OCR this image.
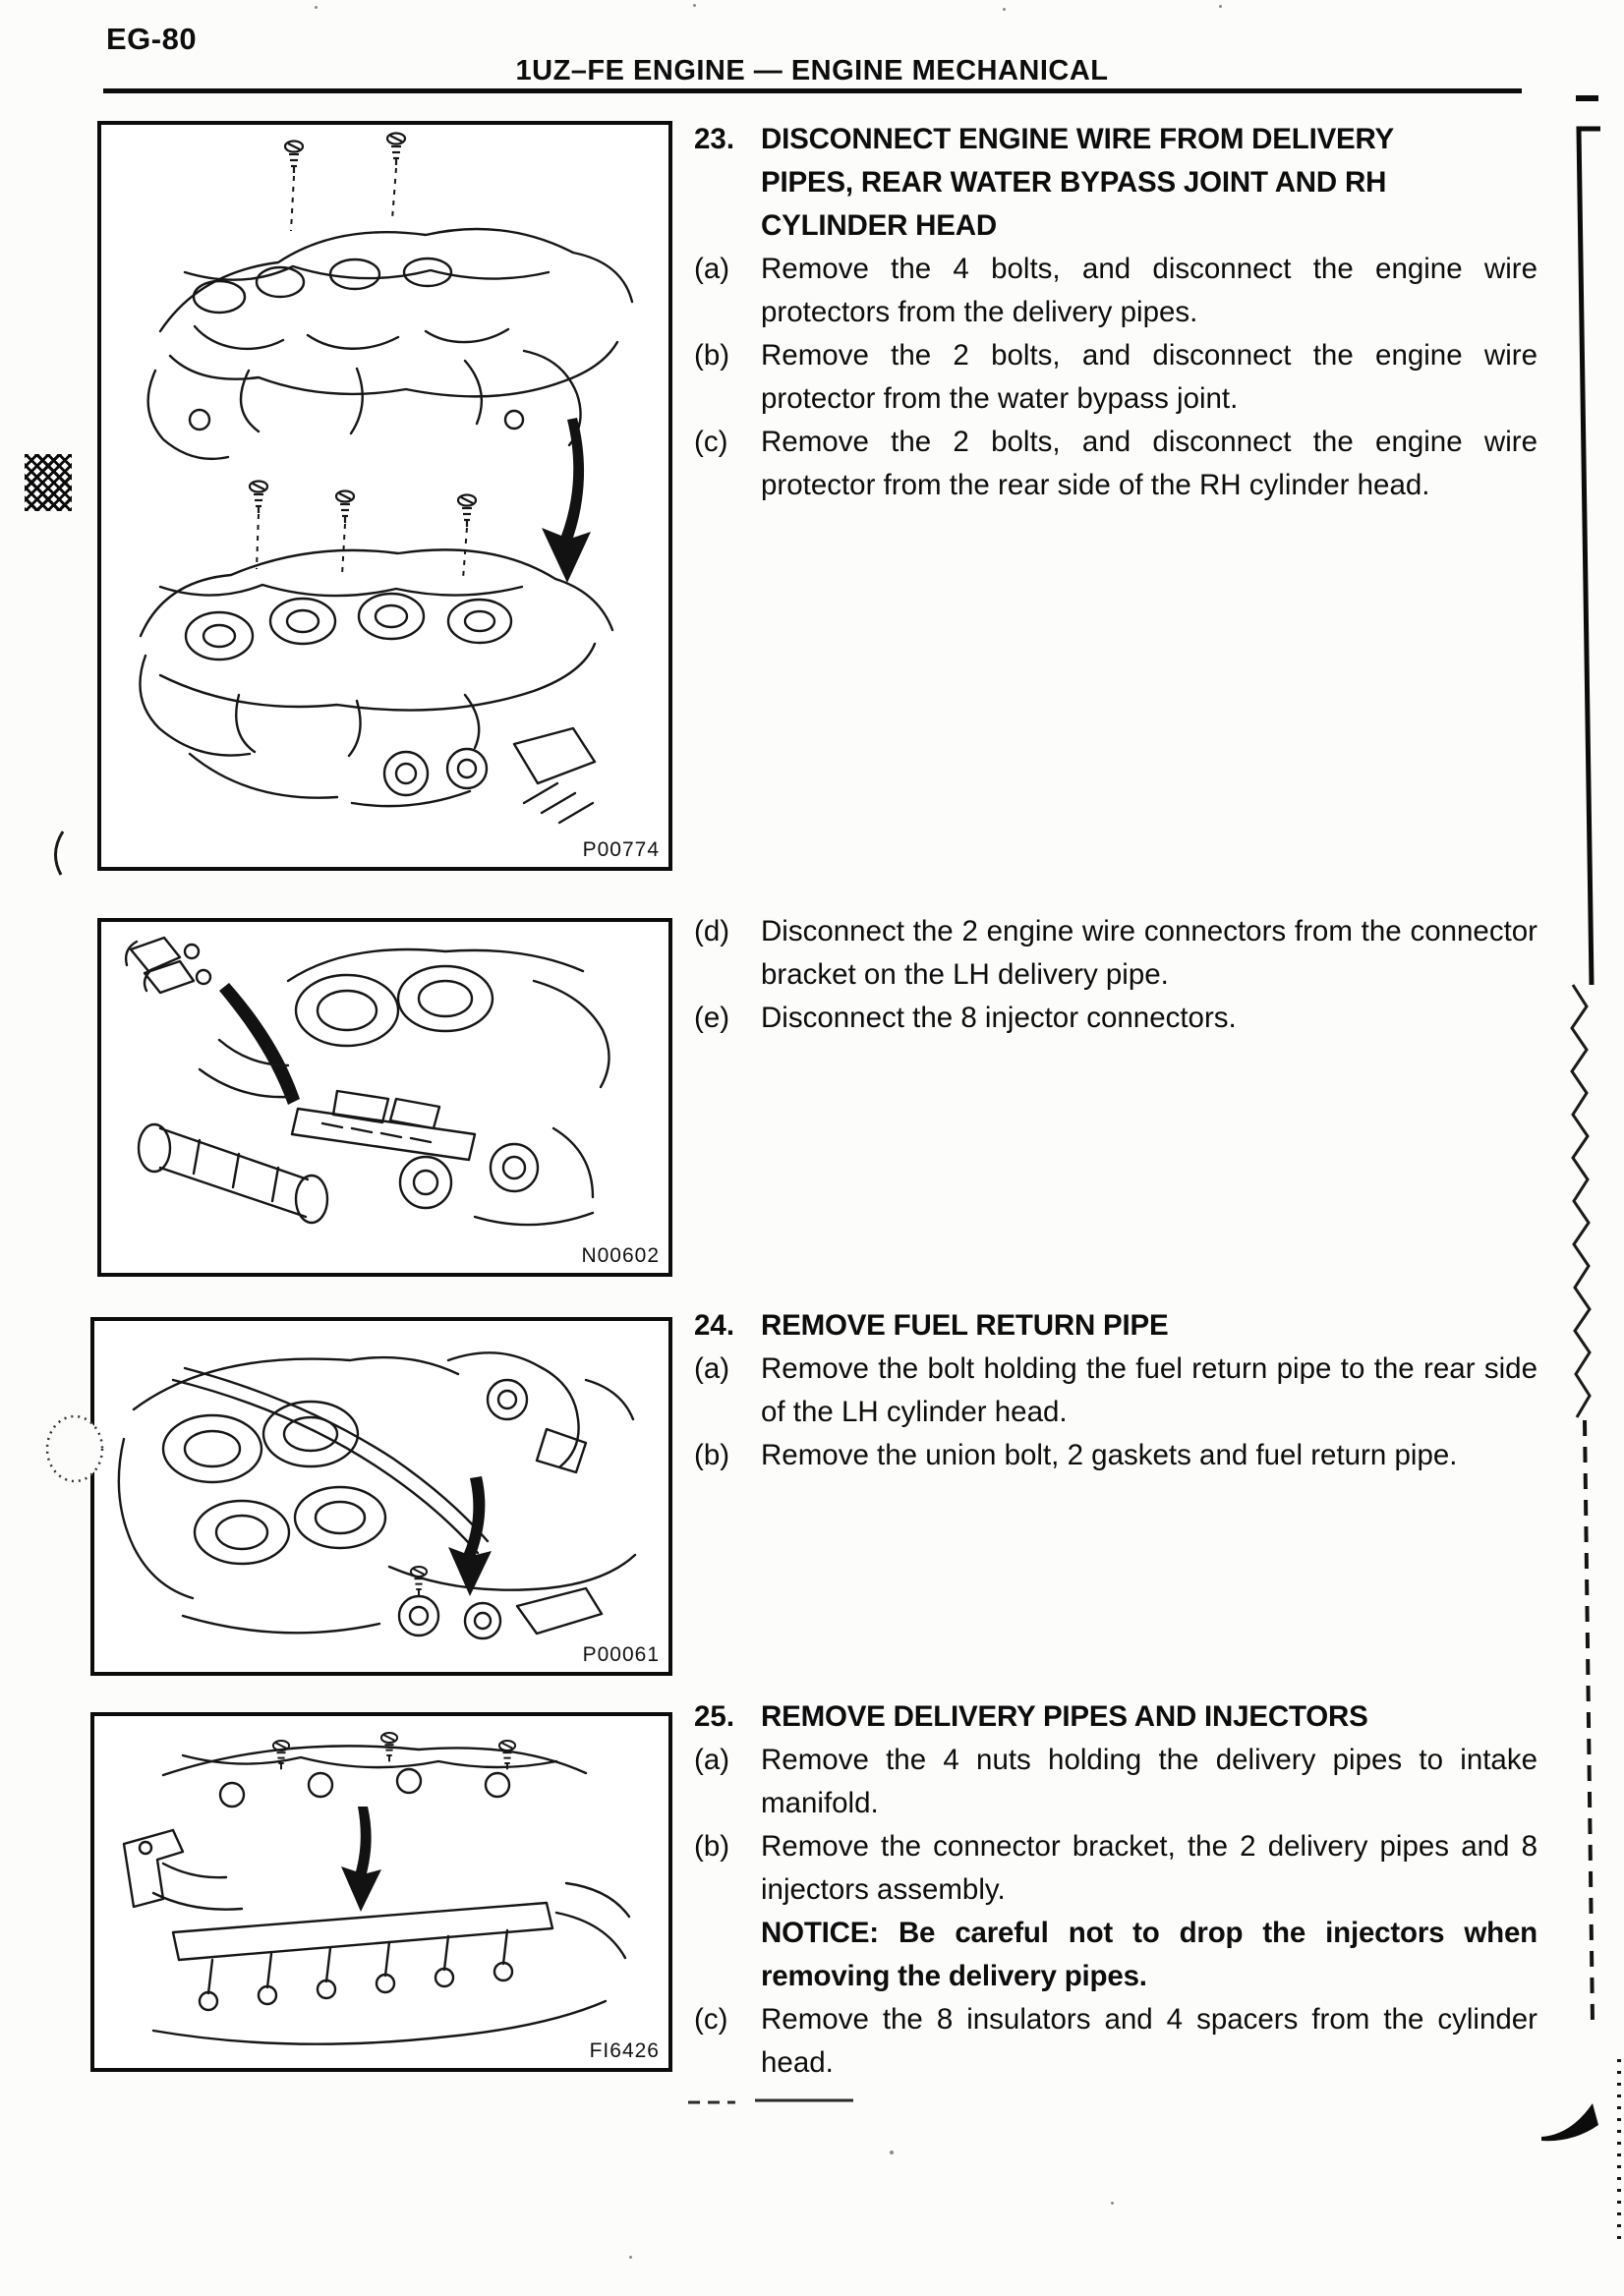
EG-80
1UZ–FE ENGINE — ENGINE MECHANICAL
P00774
N00602
P00061
FI6426
23. DISCONNECT ENGINE WIRE FROM DELIVERY
PIPES, REAR WATER BYPASS JOINT AND RH
CYLINDER HEAD
(a)	Remove the 4 bolts, and disconnect the engine wire protectors from the delivery pipes.
(b)	Remove the 2 bolts, and disconnect the engine wire protector from the water bypass joint.
(c)	Remove the 2 bolts, and disconnect the engine wire protector from the rear side of the RH cylinder head.
(d)	Disconnect the 2 engine wire connectors from the connector bracket on the LH delivery pipe.
(e)	Disconnect the 8 injector connectors.
24. REMOVE FUEL RETURN PIPE
(a)	Remove the bolt holding the fuel return pipe to the rear side of the LH cylinder head.
(b)	Remove the union bolt, 2 gaskets and fuel return pipe.
25. REMOVE DELIVERY PIPES AND INJECTORS
(a)	Remove the 4 nuts holding the delivery pipes to intake manifold.
(b)	Remove the connector bracket, the 2 delivery pipes and 8 injectors assembly.
NOTICE: Be careful not to drop the injectors when removing the delivery pipes.
(c)	Remove the 8 insulators and 4 spacers from the cylinder head.
